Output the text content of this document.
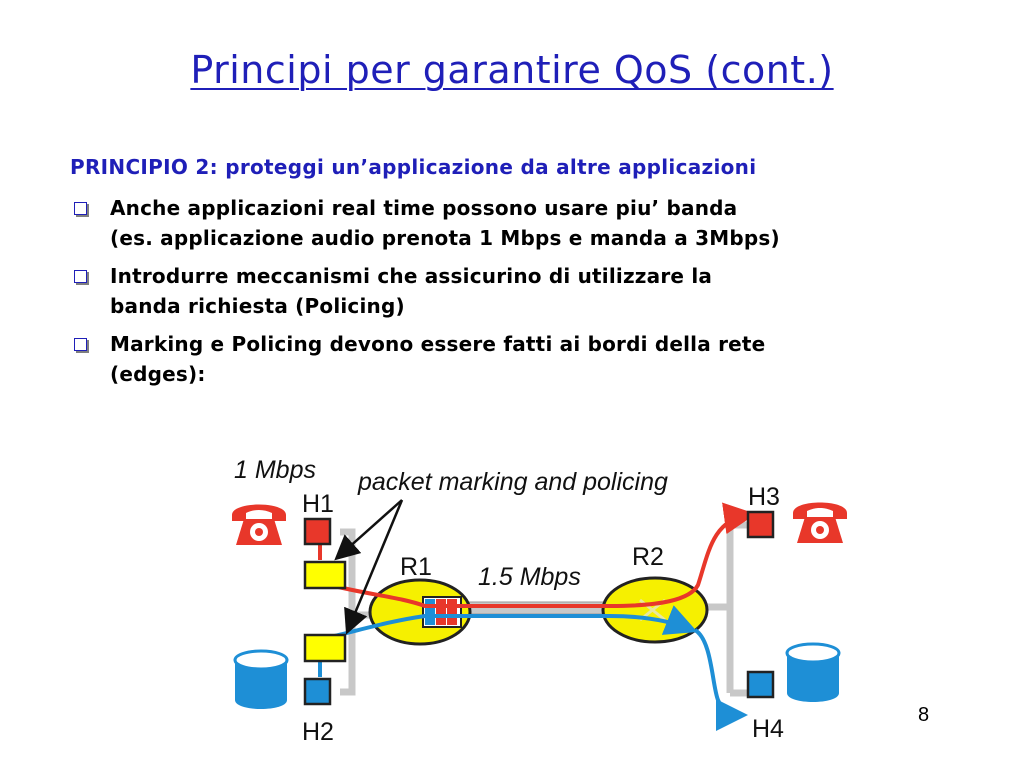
Principi per garantire QoS (cont.)
PRINCIPIO 2: proteggi un’applicazione da altre applicazioni
Anche applicazioni real time possono usare piu’ banda
(es. applicazione audio prenota 1 Mbps e manda a 3Mbps)
Introdurre meccanismi che assicurino di utilizzare la
banda richiesta (Policing)
Marking e Policing devono essere fatti ai bordi della rete
(edges):
1 Mbps packet marking and policing
1.5 Mbps
R1	R2
H1
H2
H3
H4	8
